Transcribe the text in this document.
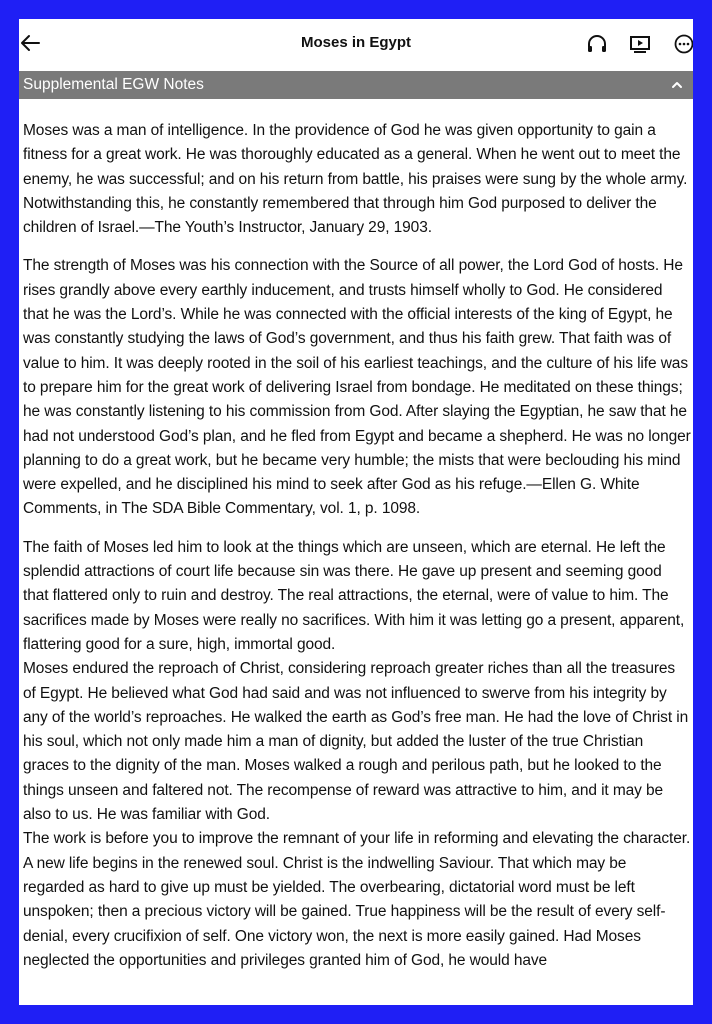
Moses in Egypt
Supplemental EGW Notes

Moses was a man of intelligence. In the providence of God he was given opportunity to gain a fitness for a great work. He was thoroughly educated as a general. When he went out to meet the enemy, he was successful; and on his return from battle, his praises were sung by the whole army. Notwithstanding this, he constantly remembered that through him God purposed to deliver the children of Israel.—The Youth’s Instructor, January 29, 1903.

The strength of Moses was his connection with the Source of all power, the Lord God of hosts. He rises grandly above every earthly inducement, and trusts himself wholly to God. He considered that he was the Lord’s. While he was connected with the official interests of the king of Egypt, he was constantly studying the laws of God’s government, and thus his faith grew. That faith was of value to him. It was deeply rooted in the soil of his earliest teachings, and the culture of his life was to prepare him for the great work of delivering Israel from bondage. He meditated on these things; he was constantly listening to his commission from God. After slaying the Egyptian, he saw that he had not understood God’s plan, and he fled from Egypt and became a shepherd. He was no longer planning to do a great work, but he became very humble; the mists that were beclouding his mind were expelled, and he disciplined his mind to seek after God as his refuge.—Ellen G. White Comments, in The SDA Bible Commentary, vol. 1, p. 1098.

The faith of Moses led him to look at the things which are unseen, which are eternal. He left the splendid attractions of court life because sin was there. He gave up present and seeming good that flattered only to ruin and destroy. The real attractions, the eternal, were of value to him. The sacrifices made by Moses were really no sacrifices. With him it was letting go a present, apparent, flattering good for a sure, high, immortal good.

Moses endured the reproach of Christ, considering reproach greater riches than all the treasures of Egypt. He believed what God had said and was not influenced to swerve from his integrity by any of the world’s reproaches. He walked the earth as God’s free man. He had the love of Christ in his soul, which not only made him a man of dignity, but added the luster of the true Christian graces to the dignity of the man. Moses walked a rough and perilous path, but he looked to the things unseen and faltered not. The recompense of reward was attractive to him, and it may be also to us. He was familiar with God.

The work is before you to improve the remnant of your life in reforming and elevating the character. A new life begins in the renewed soul. Christ is the indwelling Saviour. That which may be regarded as hard to give up must be yielded. The overbearing, dictatorial word must be left unspoken; then a precious victory will be gained. True happiness will be the result of every self-denial, every crucifixion of self. One victory won, the next is more easily gained. Had Moses neglected the opportunities and privileges granted him of God, he would have
